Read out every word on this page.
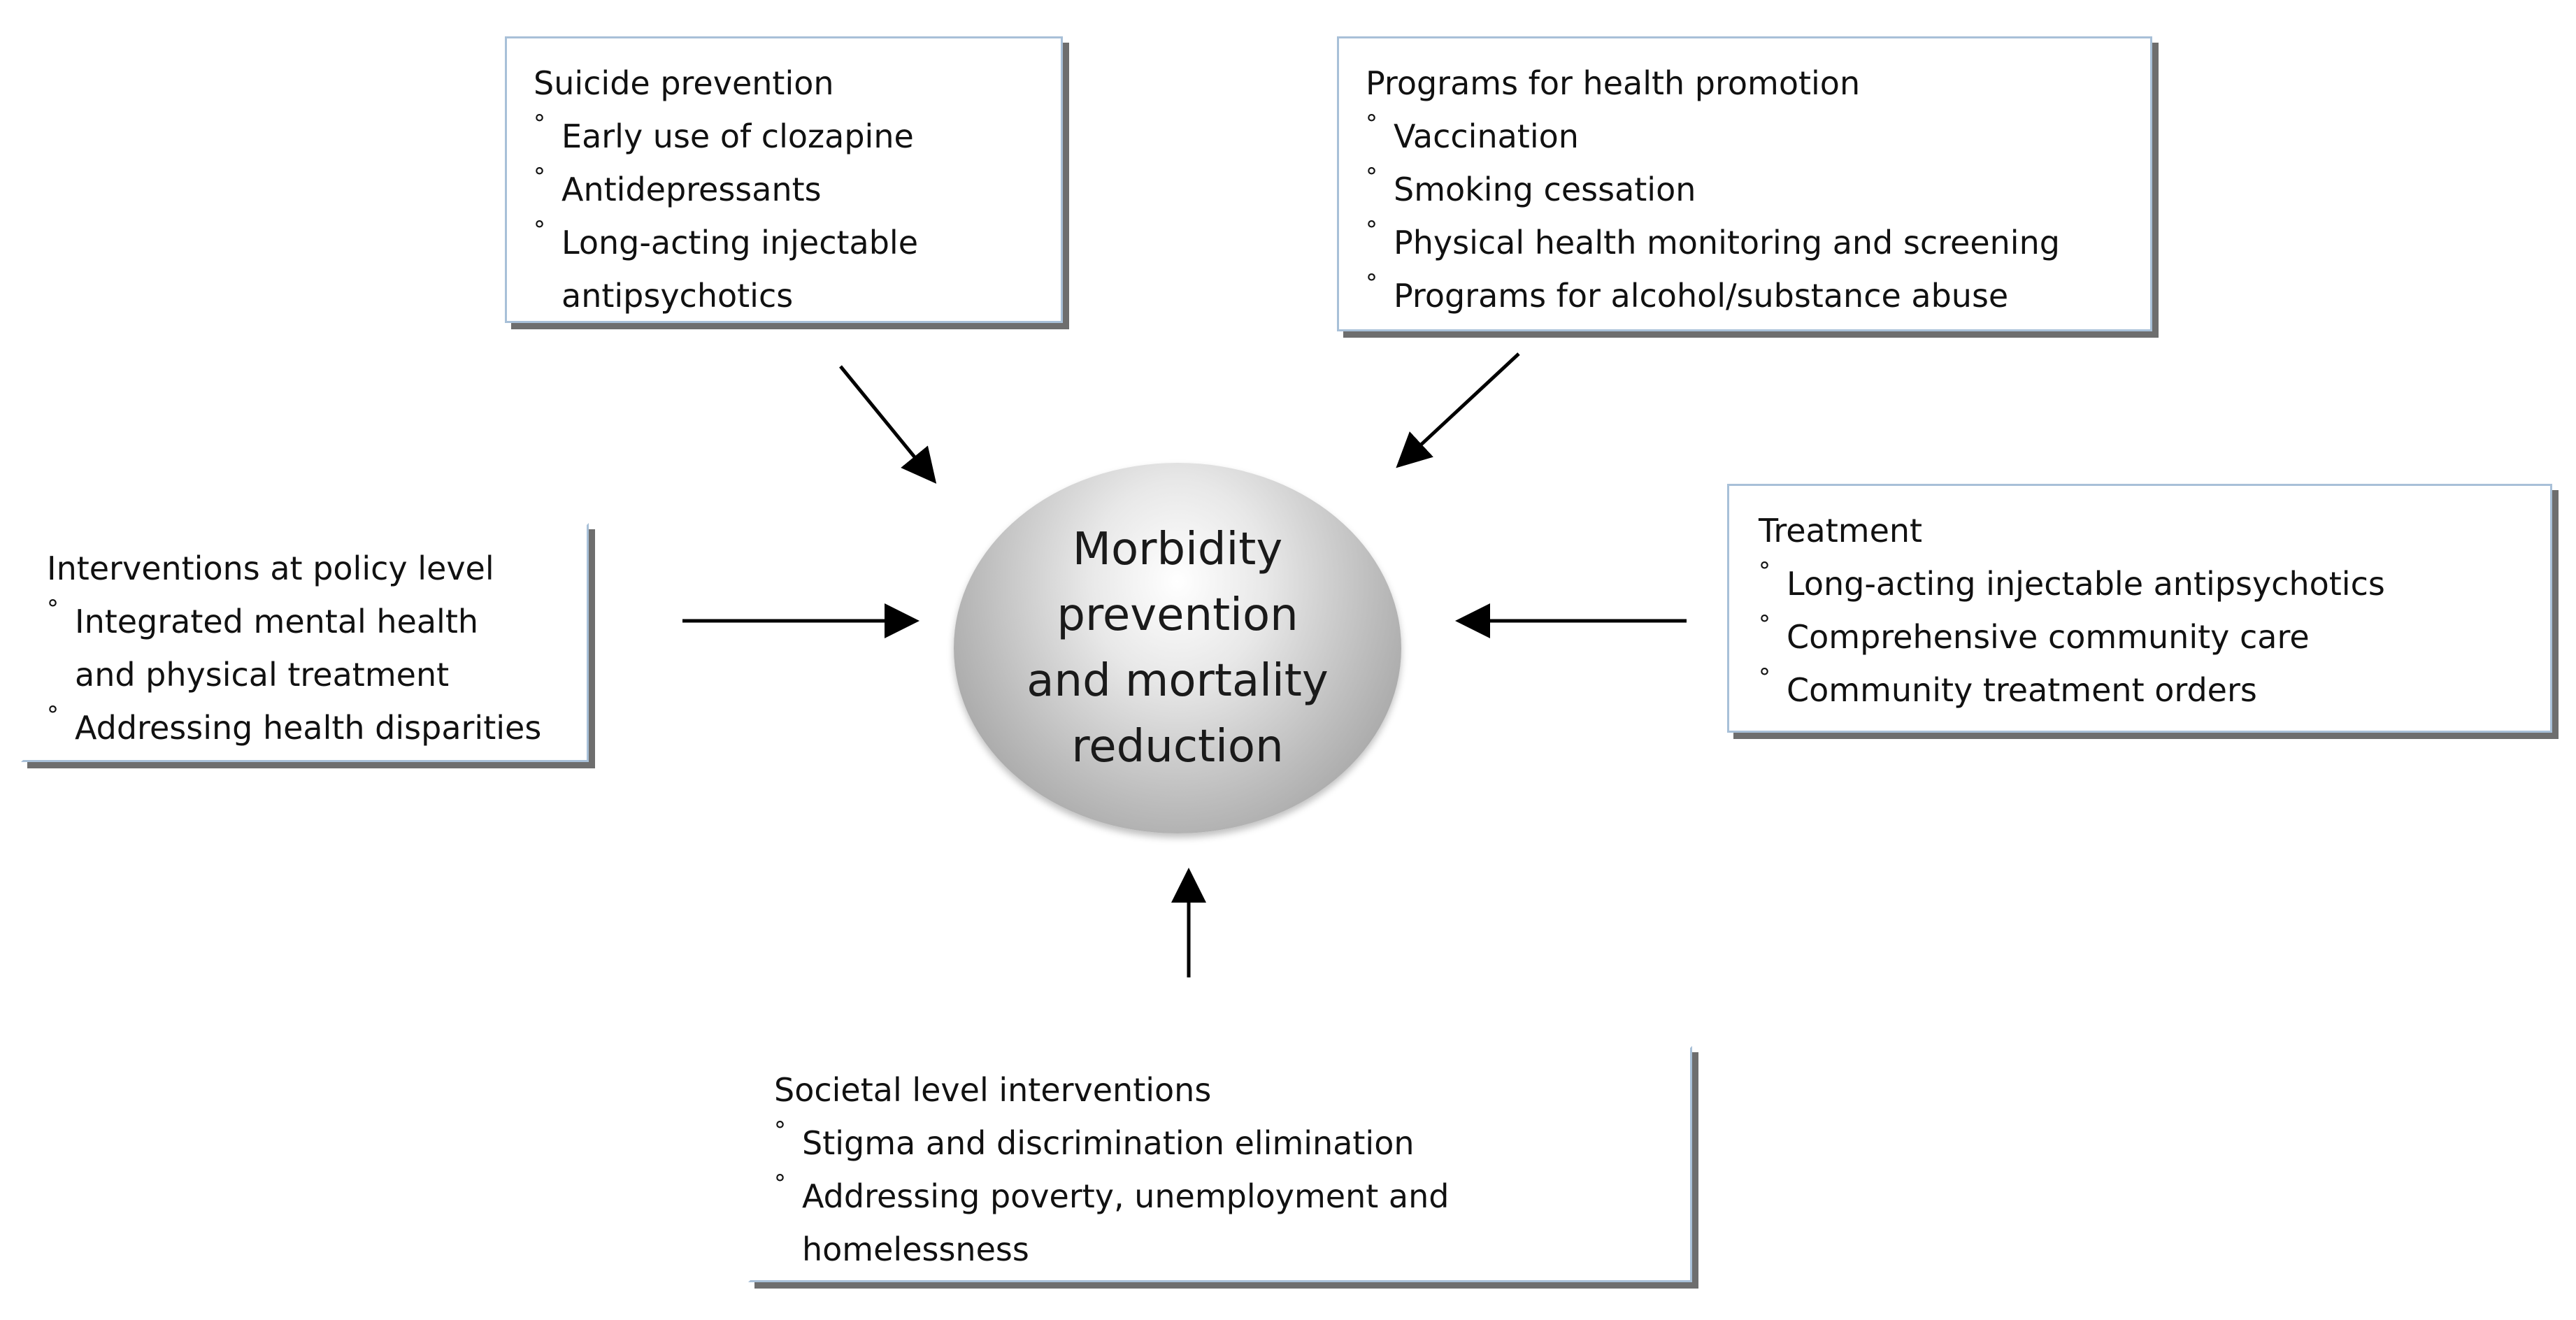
Morbidity
prevention
and mortality
reduction

Suicide prevention

° Early use of clozapine
° Antidepressants
° Long-acting injectable
antipsychotics

Programs for health promotion

° Vaccination
° Smoking cessation
° Physical health monitoring and screening
° Programs for alcohol/substance abuse

Interventions at policy level

° Integrated mental health
and physical treatment
° Addressing health disparities

Treatment

° Long-acting injectable antipsychotics
° Comprehensive community care
° Community treatment orders

Societal level interventions

° Stigma and discrimination elimination
° Addressing poverty, unemployment and
homelessness
